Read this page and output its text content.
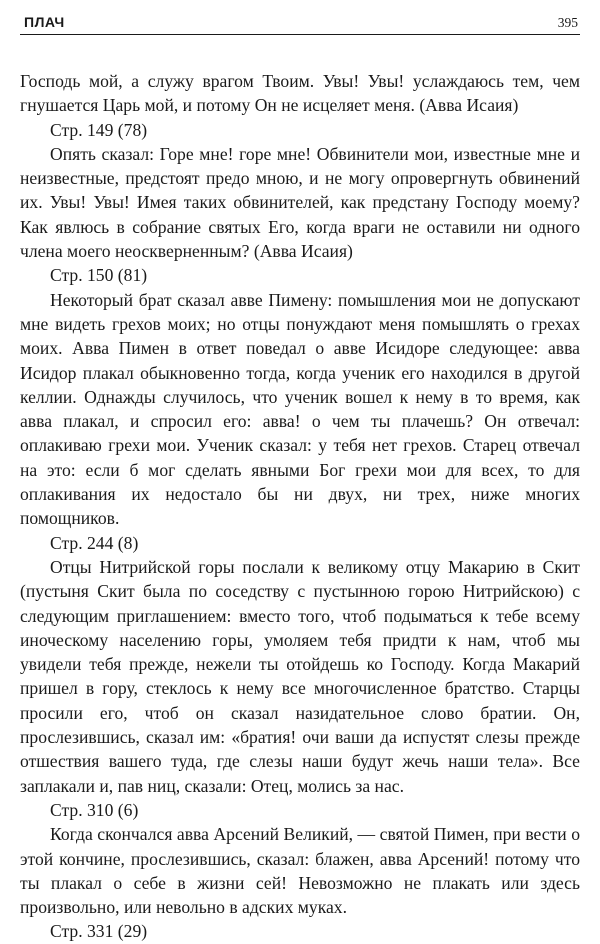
ПЛАЧ	395

Господь мой, а служу врагом Твоим. Увы! Увы! услаждаюсь тем, чем гнушается Царь мой, и потому Он не исцеляет меня. (Авва Исаия)

Стр. 149 (78)

Опять сказал: Горе мне! горе мне! Обвинители мои, известные мне и неизвестные, предстоят предо мною, и не могу опровергнуть обвинений их. Увы! Увы! Имея таких обвинителей, как предстану Господу моему? Как явлюсь в собрание святых Его, когда враги не оставили ни одного члена моего неоскверненным? (Авва Исаия)

Стр. 150 (81)

Некоторый брат сказал авве Пимену: помышления мои не допускают мне видеть грехов моих; но отцы понуждают меня помышлять о грехах моих. Авва Пимен в ответ поведал о авве Исидоре следующее: авва Исидор плакал обыкновенно тогда, когда ученик его находился в другой келлии. Однажды случилось, что ученик вошел к нему в то время, как авва плакал, и спросил его: авва! о чем ты плачешь? Он отвечал: оплакиваю грехи мои. Ученик сказал: у тебя нет грехов. Старец отвечал на это: если б мог сделать явными Бог грехи мои для всех, то для оплакивания их недостало бы ни двух, ни трех, ниже многих помощников.

Стр. 244 (8)

Отцы Нитрийской горы послали к великому отцу Макарию в Скит (пустыня Скит была по соседству с пустынною горою Нитрийскою) с следующим приглашением: вместо того, чтоб подыматься к тебе всему иноческому населению горы, умоляем тебя придти к нам, чтоб мы увидели тебя прежде, нежели ты отойдешь ко Господу. Когда Макарий пришел в гору, стеклось к нему все многочисленное братство. Старцы просили его, чтоб он сказал назидательное слово братии. Он, прослезившись, сказал им: «братия! очи ваши да испустят слезы прежде отшествия вашего туда, где слезы наши будут жечь наши тела». Все заплакали и, пав ниц, сказали: Отец, молись за нас.

Стр. 310 (6)

Когда скончался авва Арсений Великий, — святой Пимен, при вести о этой кончине, прослезившись, сказал: блажен, авва Арсений! потому что ты плакал о себе в жизни сей! Невозможно не плакать или здесь произвольно, или невольно в адских муках.

Стр. 331 (29)
